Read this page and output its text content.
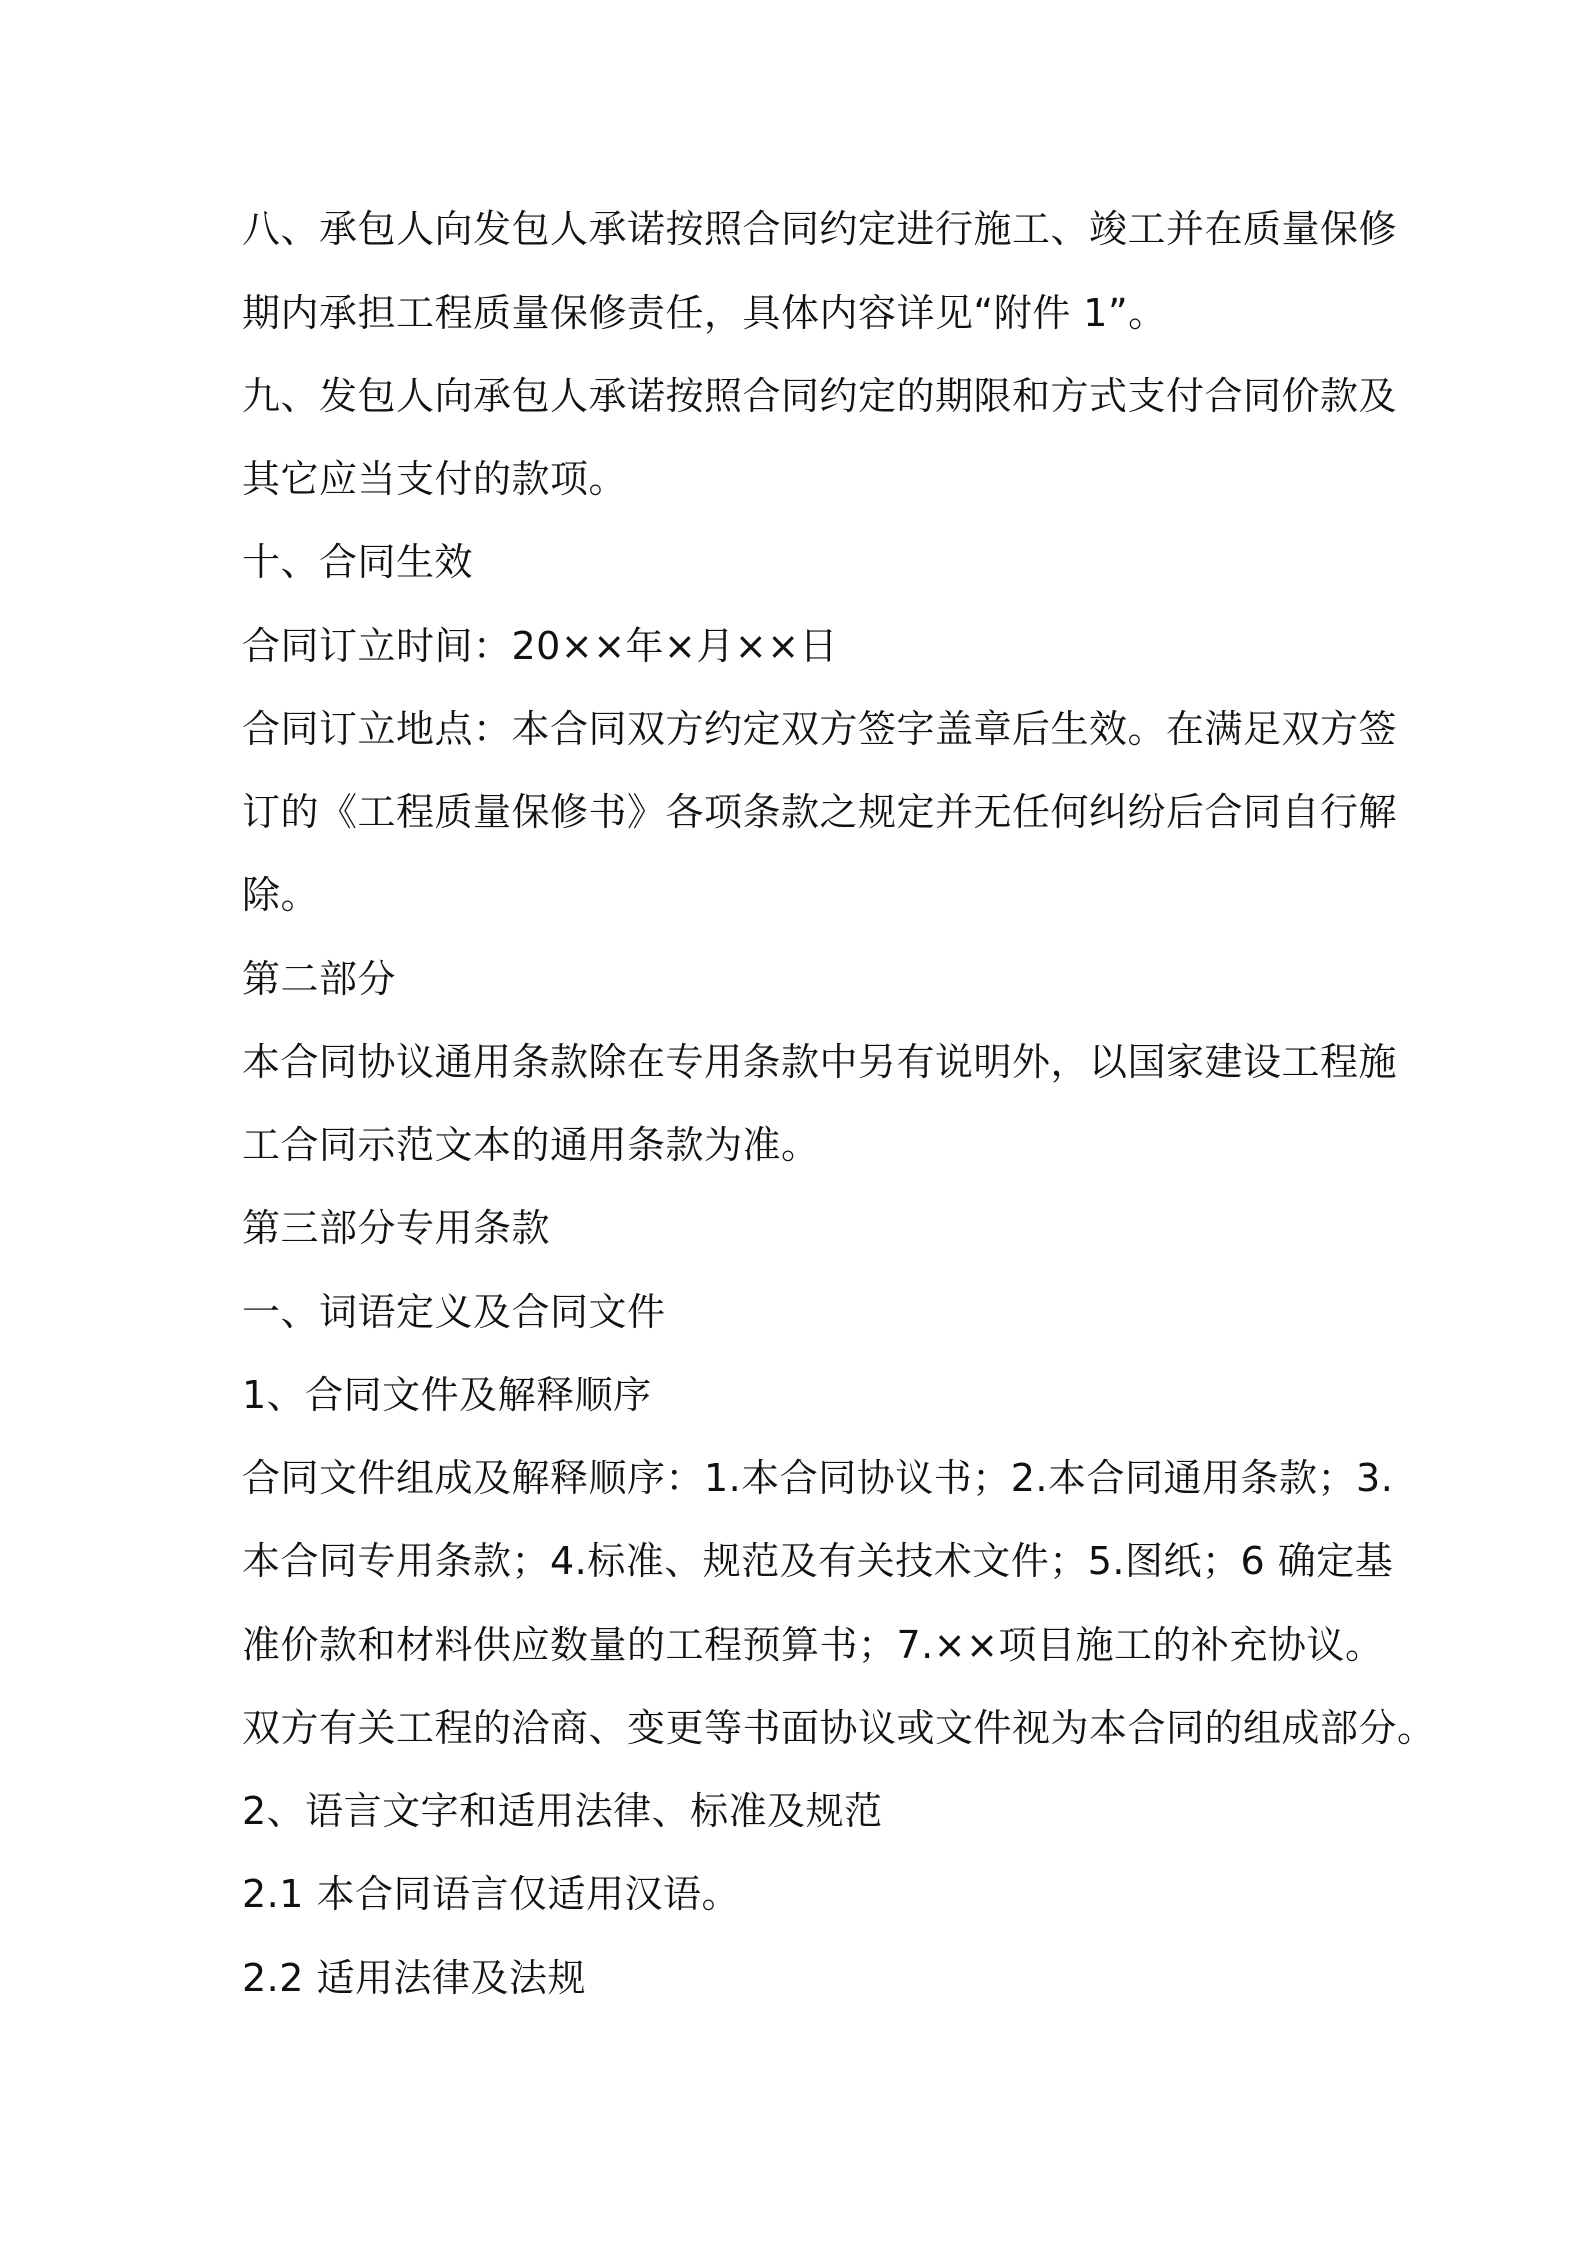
八、承包人向发包人承诺按照合同约定进行施工、竣工并在质量保修
期内承担工程质量保修责任，具体内容详见“附件 1”。
九、发包人向承包人承诺按照合同约定的期限和方式支付合同价款及
其它应当支付的款项。
十、合同生效
合同订立时间：20××年×月××日
合同订立地点：本合同双方约定双方签字盖章后生效。在满足双方签
订的《工程质量保修书》各项条款之规定并无任何纠纷后合同自行解
除。
第二部分
本合同协议通用条款除在专用条款中另有说明外，以国家建设工程施
工合同示范文本的通用条款为准。
第三部分专用条款
一、词语定义及合同文件
1、合同文件及解释顺序
合同文件组成及解释顺序：1.本合同协议书；2.本合同通用条款；3.
本合同专用条款；4.标准、规范及有关技术文件；5.图纸；6 确定基
准价款和材料供应数量的工程预算书；7.××项目施工的补充协议。
双方有关工程的洽商、变更等书面协议或文件视为本合同的组成部分。
2、语言文字和适用法律、标准及规范
2.1 本合同语言仅适用汉语。
2.2 适用法律及法规
